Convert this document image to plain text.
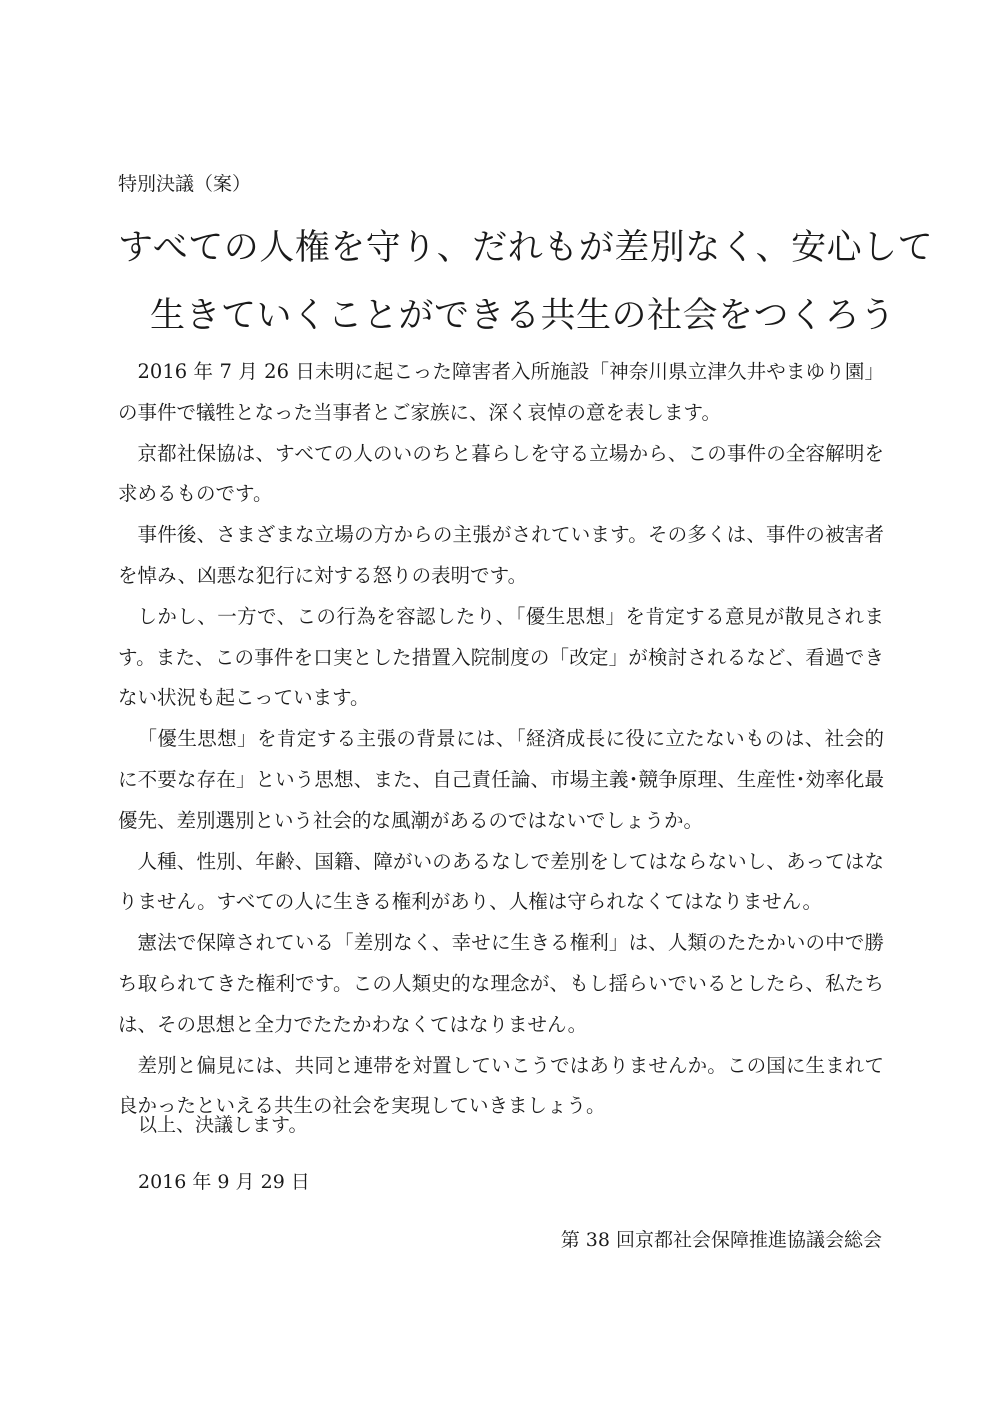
特別決議（案）
すべての人権を守り、だれもが差別なく、安心して
生きていくことができる共生の社会をつくろう

2016 年 7 月 26 日未明に起こった障害者入所施設「神奈川県立津久井やまゆり園」の事件で犠牲となった当事者とご家族に、深く哀悼の意を表します。

京都社保協は、すべての人のいのちと暮らしを守る立場から、この事件の全容解明を求めるものです。

事件後、さまざまな立場の方からの主張がされています。その多くは、事件の被害者を悼み、凶悪な犯行に対する怒りの表明です。

しかし、一方で、この行為を容認したり、「優生思想」を肯定する意見が散見されます。また、この事件を口実とした措置入院制度の「改定」が検討されるなど、看過できない状況も起こっています。

「優生思想」を肯定する主張の背景には、「経済成長に役に立たないものは、社会的に不要な存在」という思想、また、自己責任論、市場主義･競争原理、生産性･効率化最優先、差別選別という社会的な風潮があるのではないでしょうか。

人種、性別、年齢、国籍、障がいのあるなしで差別をしてはならないし、あってはなりません。すべての人に生きる権利があり、人権は守られなくてはなりません。

憲法で保障されている「差別なく、幸せに生きる権利」は、人類のたたかいの中で勝ち取られてきた権利です。この人類史的な理念が、もし揺らいでいるとしたら、私たちは、その思想と全力でたたかわなくてはなりません。

差別と偏見には、共同と連帯を対置していこうではありませんか。この国に生まれて良かったといえる共生の社会を実現していきましょう。

以上、決議します。
2016 年 9 月 29 日
第 38 回京都社会保障推進協議会総会
